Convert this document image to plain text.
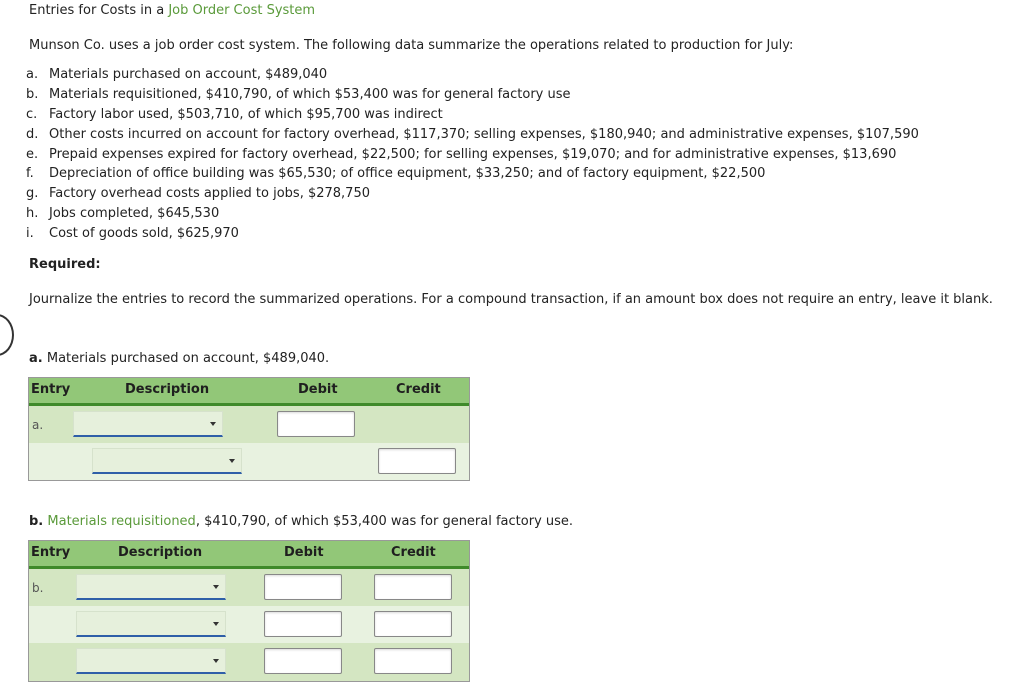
Entries for Costs in a Job Order Cost System
Munson Co. uses a job order cost system. The following data summarize the operations related to production for July:
a. Materials purchased on account, $489,040
b. Materials requisitioned, $410,790, of which $53,400 was for general factory use
c. Factory labor used, $503,710, of which $95,700 was indirect
d. Other costs incurred on account for factory overhead, $117,370; selling expenses, $180,940; and administrative expenses, $107,590
e. Prepaid expenses expired for factory overhead, $22,500; for selling expenses, $19,070; and for administrative expenses, $13,690
f. Depreciation of office building was $65,530; of office equipment, $33,250; and of factory equipment, $22,500
g. Factory overhead costs applied to jobs, $278,750
h. Jobs completed, $645,530
i. Cost of goods sold, $625,970
Required:
Journalize the entries to record the summarized operations. For a compound transaction, if an amount box does not require an entry, leave it blank.
a. Materials purchased on account, $489,040.
Entry	Description	Debit	Credit
a.
b. Materials requisitioned, $410,790, of which $53,400 was for general factory use.
Entry	Description	Debit	Credit
b.
